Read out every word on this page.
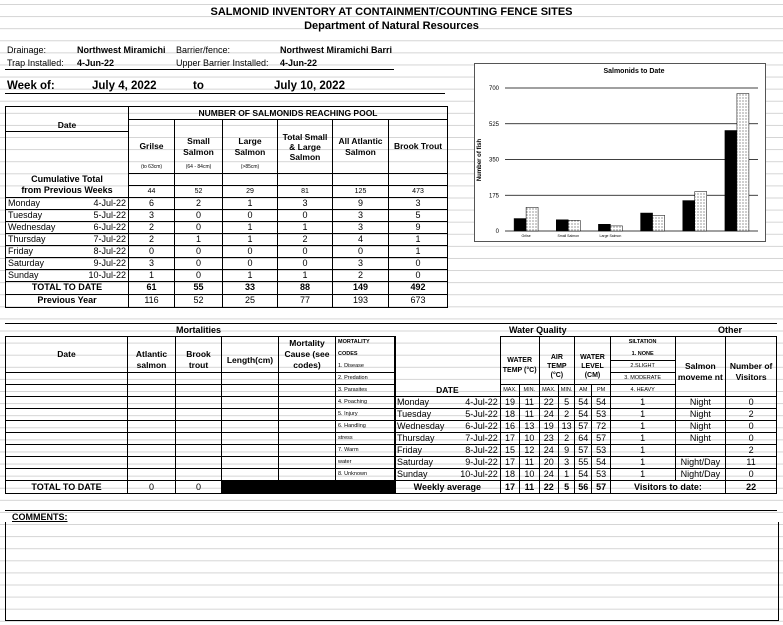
SALMONID INVENTORY AT CONTAINMENT/COUNTING FENCE SITES
Department of Natural Resources
Drainage:	Northwest Miramichi Barrier/fence:	Northwest Miramichi Barri
Trap Installed: 4-Jun-22	Upper Barrier Installed: 4-Jun-22
Week of:	July 4, 2022	to	July 10, 2022
		NUMBER OF SALMONIDS REACHING POOL					
Date							
		Grilse	Small Salmon	Large Salmon	Total Small & Large Salmon	All Atlantic Salmon	Brook Trout
		(to 63cm)	(64 - 84cm)	(>85cm)			
Cumulative Total							
from Previous Weeks		44	52	29	81	125	473
Monday	4-Jul-22	6	2	1	3	9	3
Tuesday	5-Jul-22	3	0	0	0	3	5
Wednesday	6-Jul-22	2	0	1	1	3	9
Thursday	7-Jul-22	2	1	1	2	4	1
Friday	8-Jul-22	0	0	0	0	0	1
Saturday	9-Jul-22	3	0	0	0	3	0
Sunday	10-Jul-22	1	0	1	1	2	0
TOTAL TO DATE		61	55	33	88	149	492
Previous Year		116	52	25	77	193	673
Salmonids to Date
Number of fish
0
175
350
525
700
Grilse	Small Salmon	Large Salmon
Mortalities	Water Quality	Other
				Mortality Cause (see codes)	MORTALITY
Date	Atlantic salmon	Brook trout	Length(cm)		CODES
					1. Disease
					2. Predation
					3. Parasites
					4. Poaching
					5. Injury
					6. Handling
					stress
					7. Warm
					water
					8. Unknown
TOTAL TO DATE	0	0			
								SILTATION		
		WATER TEMP (°C)		AIR TEMP (°C)		WATER LEVEL (CM)		1. NONE	Salmon moveme nt	Number of Visitors
								2.SLIGHT		
								3. MODERATE		
DATE		MAX.	MIN.	MAX.	MIN.	AM	PM	4. HEAVY		
Monday	4-Jul-22	19	11	22	5	54	54	1	Night	0
Tuesday	5-Jul-22	18	11	24	2	54	53	1	Night	2
Wednesday	6-Jul-22	16	13	19	13	57	72	1	Night	0
Thursday	7-Jul-22	17	10	23	2	64	57	1	Night	0
Friday	8-Jul-22	15	12	24	9	57	53	1		2
Saturday	9-Jul-22	17	11	20	3	55	54	1	Night/Day	11
Sunday	10-Jul-22	18	10	24	1	54	53	1	Night/Day	0
Weekly average		17	11	22	5	56	57	Visitors to date:		22
COMMENTS:
